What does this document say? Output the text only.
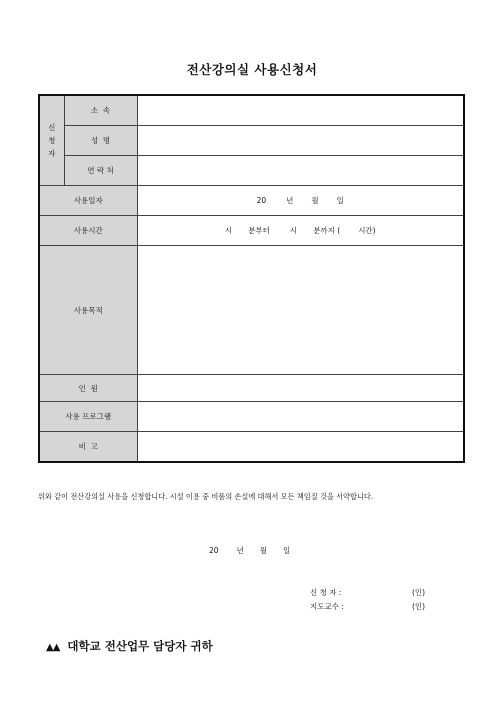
전산강의실 사용신청서

신
청
자	소  속	
	성  명	
	연 락 처	
사용일자		20 년 월 일
사용시간		시 분부터 시 분까지 ( 시간)
사용목적		
인  원		
사용 프로그램		
비  고		
위와 같이 전산강의실 사용을 신청합니다. 시설 이용 중 비품의 손실에 대해서 모든 책임질 것을 서약합니다.
20 년 월 일
신 청 자 :
지도교수 :
(인)
(인)
▲▲ 대학교 전산업무 담당자 귀하
